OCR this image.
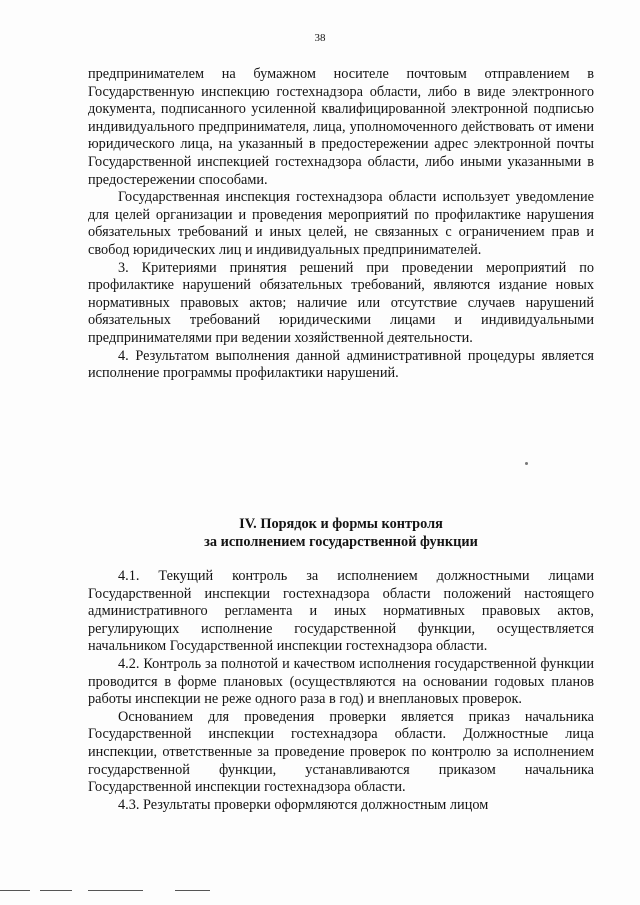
38

предпринимателем на бумажном носителе почтовым отправлением в Государственную инспекцию гостехнадзора области, либо в виде электронного документа, подписанного усиленной квалифицированной электронной подписью индивидуального предпринимателя, лица, уполномоченного действовать от имени юридического лица, на указанный в предостережении адрес электронной почты Государственной инспекцией гостехнадзора области, либо иными указанными в предостережении способами.

Государственная инспекция гостехнадзора области использует уведомление для целей организации и проведения мероприятий по профилактике нарушения обязательных требований и иных целей, не связанных с ограничением прав и свобод юридических лиц и индивидуальных предпринимателей.

3. Критериями принятия решений при проведении мероприятий по профилактике нарушений обязательных требований, являются издание новых нормативных правовых актов; наличие или отсутствие случаев нарушений обязательных требований юридическими лицами и индивидуальными предпринимателями при ведении хозяйственной деятельности.

4. Результатом выполнения данной административной процедуры является исполнение программы профилактики нарушений.

IV. Порядок и формы контроля
за исполнением государственной функции

4.1. Текущий контроль за исполнением должностными лицами Государственной инспекции гостехнадзора области положений настоящего административного регламента и иных нормативных правовых актов, регулирующих исполнение государственной функции, осуществляется начальником Государственной инспекции гостехнадзора области.

4.2. Контроль за полнотой и качеством исполнения государственной функции проводится в форме плановых (осуществляются на основании годовых планов работы инспекции не реже одного раза в год) и внеплановых проверок.

Основанием для проведения проверки является приказ начальника Государственной инспекции гостехнадзора области. Должностные лица инспекции, ответственные за проведение проверок по контролю за исполнением государственной функции, устанавливаются приказом начальника Государственной инспекции гостехнадзора области.

4.3. Результаты проверки оформляются должностным лицом
